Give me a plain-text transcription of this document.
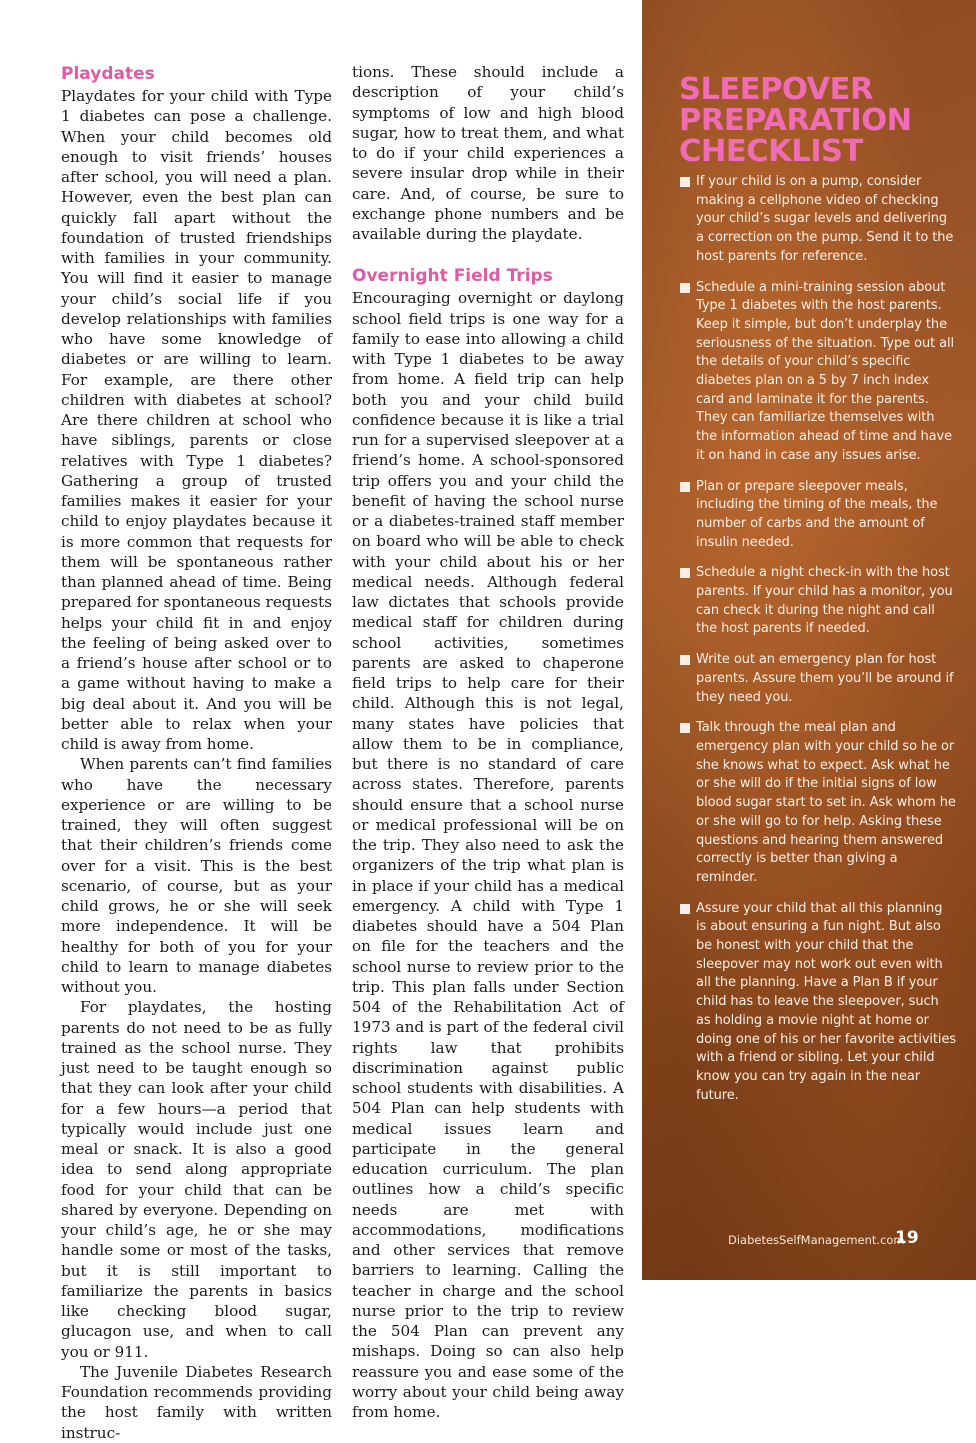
Playdates

Playdates for your child with Type 1 diabetes can pose a challenge. When your child becomes old enough to visit friends’ houses after school, you will need a plan. However, even the best plan can quickly fall apart without the foundation of trusted friendships with families in your community. You will find it easier to manage your child’s social life if you develop relationships with families who have some knowledge of diabetes or are willing to learn. For example, are there other children with diabetes at school? Are there children at school who have siblings, parents or close relatives with Type 1 diabetes? Gathering a group of trusted families makes it easier for your child to enjoy playdates because it is more common that requests for them will be spontaneous rather than planned ahead of time. Being prepared for spontaneous requests helps your child fit in and enjoy the feeling of being asked over to a friend’s house after school or to a game without having to make a big deal about it. And you will be better able to relax when your child is away from home.

When parents can’t find families who have the necessary experience or are willing to be trained, they will often suggest that their children’s friends come over for a visit. This is the best scenario, of course, but as your child grows, he or she will seek more independence. It will be healthy for both of you for your child to learn to manage diabetes without you.

For playdates, the hosting parents do not need to be as fully trained as the school nurse. They just need to be taught enough so that they can look after your child for a few hours—a period that typically would include just one meal or snack. It is also a good idea to send along appropriate food for your child that can be shared by everyone. Depending on your child’s age, he or she may handle some or most of the tasks, but it is still important to familiarize the parents in basics like checking blood sugar, glucagon use, and when to call you or 911.

The Juvenile Diabetes Research Foundation recommends providing the host family with written instruc-

tions. These should include a description of your child’s symptoms of low and high blood sugar, how to treat them, and what to do if your child experiences a severe insular drop while in their care. And, of course, be sure to exchange phone numbers and be available during the playdate.

Overnight Field Trips

Encouraging overnight or daylong school field trips is one way for a family to ease into allowing a child with Type 1 diabetes to be away from home. A field trip can help both you and your child build confidence because it is like a trial run for a supervised sleepover at a friend’s home. A school-sponsored trip offers you and your child the benefit of having the school nurse or a diabetes-trained staff member on board who will be able to check with your child about his or her medical needs. Although federal law dictates that schools provide medical staff for children during school activities, sometimes parents are asked to chaperone field trips to help care for their child. Although this is not legal, many states have policies that allow them to be in compliance, but there is no standard of care across states. Therefore, parents should ensure that a school nurse or medical professional will be on the trip. They also need to ask the organizers of the trip what plan is in place if your child has a medical emergency. A child with Type 1 diabetes should have a 504 Plan on file for the teachers and the school nurse to review prior to the trip. This plan falls under Section 504 of the Rehabilitation Act of 1973 and is part of the federal civil rights law that prohibits discrimination against public school students with disabilities. A 504 Plan can help students with medical issues learn and participate in the general education curriculum. The plan outlines how a child’s specific needs are met with accommodations, modifications and other services that remove barriers to learning. Calling the teacher in charge and the school nurse prior to the trip to review the 504 Plan can prevent any mishaps. Doing so can also help reassure you and ease some of the worry about your child being away from home.

SLEEPOVER PREPARATION CHECKLIST
If your child is on a pump, consider making a cellphone video of checking your child’s sugar levels and delivering a correction on the pump. Send it to the host parents for reference.
Schedule a mini-training session about Type 1 diabetes with the host parents. Keep it simple, but don’t underplay the seriousness of the situation. Type out all the details of your child’s specific diabetes plan on a 5 by 7 inch index card and laminate it for the parents. They can familiarize themselves with the information ahead of time and have it on hand in case any issues arise.
Plan or prepare sleepover meals, including the timing of the meals, the number of carbs and the amount of insulin needed.
Schedule a night check-in with the host parents. If your child has a monitor, you can check it during the night and call the host parents if needed.
Write out an emergency plan for host parents. Assure them you’ll be around if they need you.
Talk through the meal plan and emergency plan with your child so he or she knows what to expect. Ask what he or she will do if the initial signs of low blood sugar start to set in. Ask whom he or she will go to for help. Asking these questions and hearing them answered correctly is better than giving a reminder.
Assure your child that all this planning is about ensuring a fun night. But also be honest with your child that the sleepover may not work out even with all the planning. Have a Plan B if your child has to leave the sleepover, such as holding a movie night at home or doing one of his or her favorite activities with a friend or sibling. Let your child know you can try again in the near future.
DiabetesSelfManagement.com
19
